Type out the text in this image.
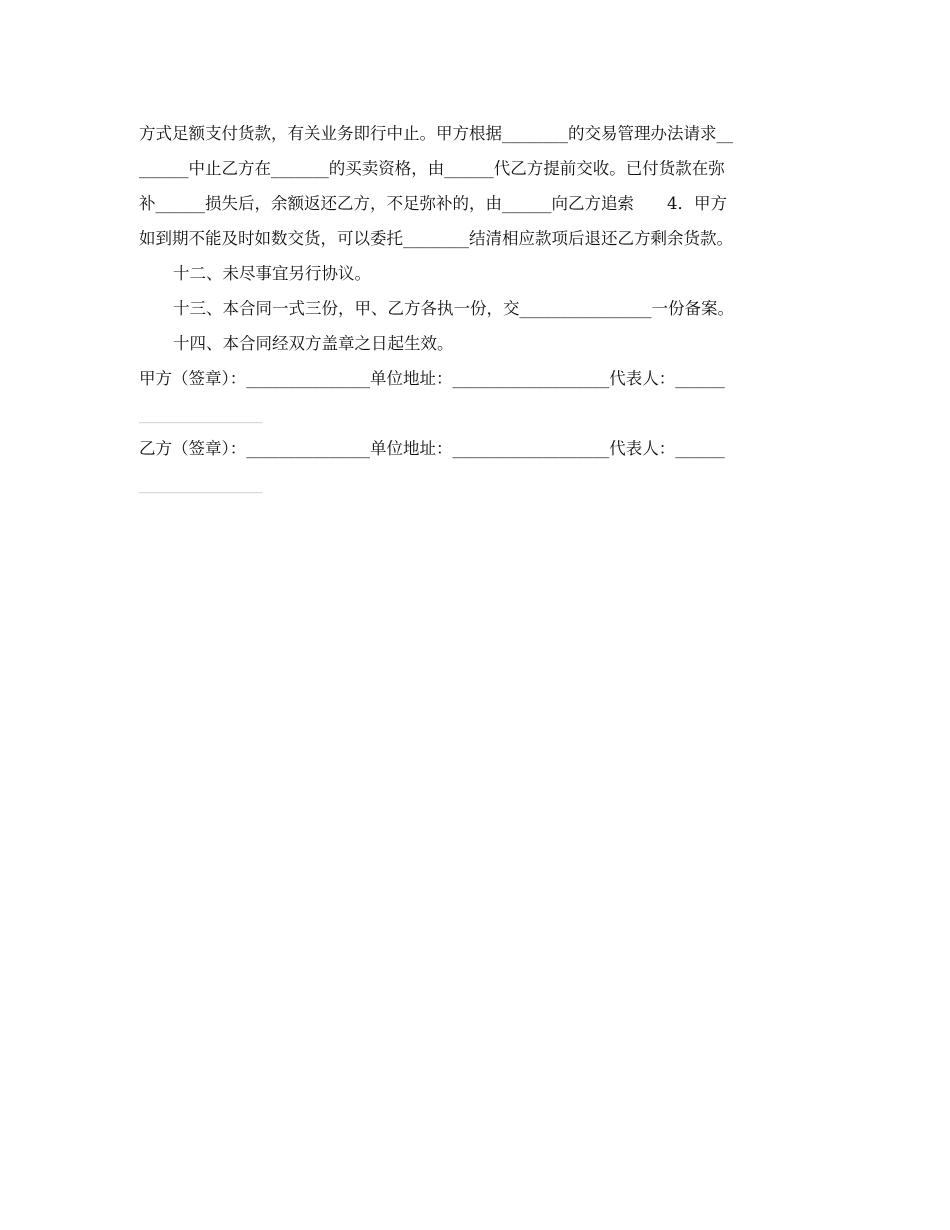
方式足额支付货款，有关业务即行中止。甲方根据________的交易管理办法请求__
______中止乙方在_______的买卖资格，由______代乙方提前交收。已付货款在弥
补______损失后，余额返还乙方，不足弥补的，由______向乙方追索　　4．甲方
如到期不能及时如数交货，可以委托________结清相应款项后退还乙方剩余货款。
十二、未尽事宜另行协议。
十三、本合同一式三份，甲、乙方各执一份，交________________一份备案。
十四、本合同经双方盖章之日起生效。
甲方（签章）：_______________单位地址：___________________代表人：______
_______________
乙方（签章）：_______________单位地址：___________________代表人：______
_______________
